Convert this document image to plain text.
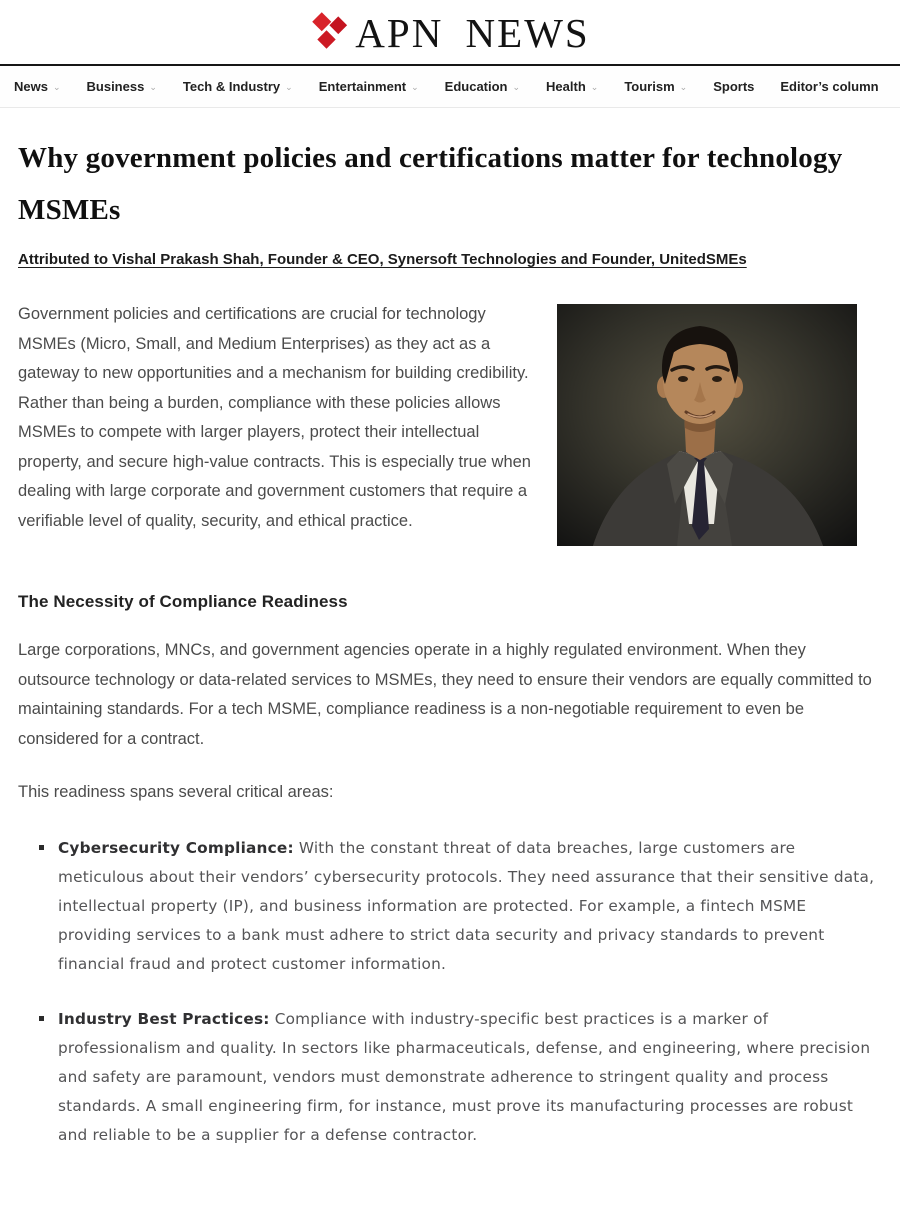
APN NEWS
News ⌄ Business ⌄ Tech & Industry ⌄ Entertainment ⌄ Education ⌄ Health ⌄ Tourism ⌄ Sports Editor’s column
Why government policies and certifications matter for technology MSMEs
Attributed to Vishal Prakash Shah, Founder & CEO, Synersoft Technologies and Founder, UnitedSMEs

Government policies and certifications are crucial for technology MSMEs (Micro, Small, and Medium Enterprises) as they act as a gateway to new opportunities and a mechanism for building credibility. Rather than being a burden, compliance with these policies allows MSMEs to compete with larger players, protect their intellectual property, and secure high-value contracts. This is especially true when dealing with large corporate and government customers that require a verifiable level of quality, security, and ethical practice.

The Necessity of Compliance Readiness

Large corporations, MNCs, and government agencies operate in a highly regulated environment. When they outsource technology or data-related services to MSMEs, they need to ensure their vendors are equally committed to maintaining standards. For a tech MSME, compliance readiness is a non-negotiable requirement to even be considered for a contract.

This readiness spans several critical areas:

Cybersecurity Compliance: With the constant threat of data breaches, large customers are meticulous about their vendors’ cybersecurity protocols. They need assurance that their sensitive data, intellectual property (IP), and business information are protected. For example, a fintech MSME providing services to a bank must adhere to strict data security and privacy standards to prevent financial fraud and protect customer information.
Industry Best Practices: Compliance with industry-specific best practices is a marker of professionalism and quality. In sectors like pharmaceuticals, defense, and engineering, where precision and safety are paramount, vendors must demonstrate adherence to stringent quality and process standards. A small engineering firm, for instance, must prove its manufacturing processes are robust and reliable to be a supplier for a defense contractor.
